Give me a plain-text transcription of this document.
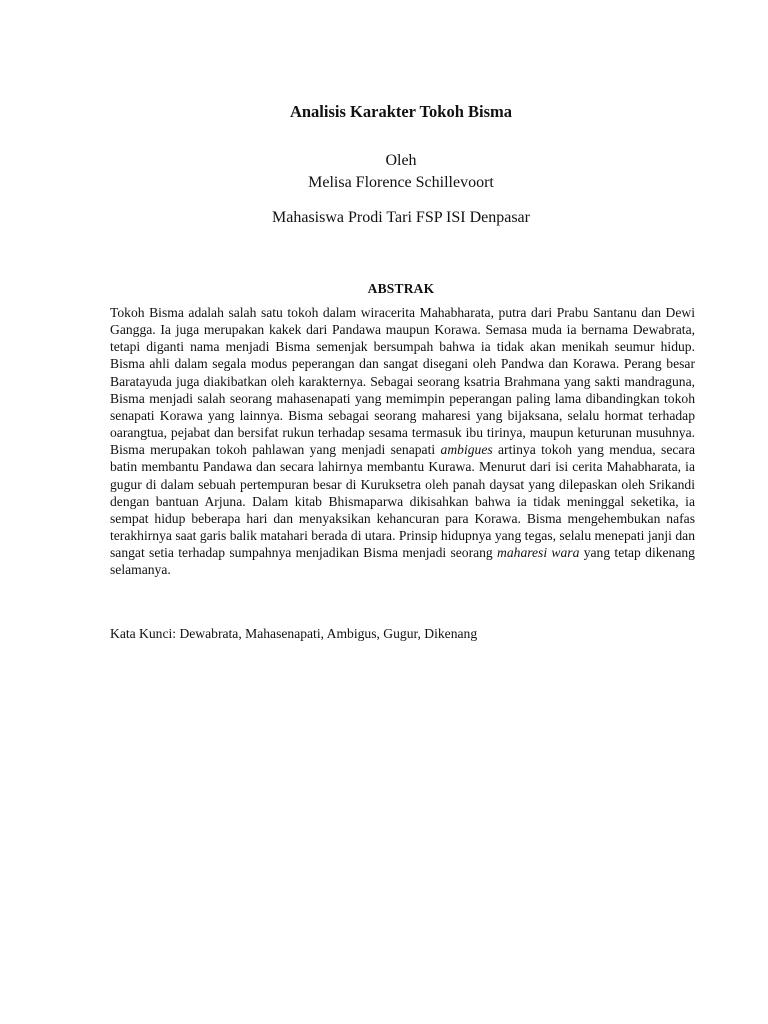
Analisis Karakter Tokoh Bisma
Oleh
Melisa Florence Schillevoort
Mahasiswa Prodi Tari FSP ISI Denpasar
ABSTRAK

Tokoh Bisma adalah salah satu tokoh dalam wiracerita Mahabharata, putra dari Prabu Santanu dan Dewi Gangga. Ia juga merupakan kakek dari Pandawa maupun Korawa. Semasa muda ia bernama Dewabrata, tetapi diganti nama menjadi Bisma semenjak bersumpah bahwa ia tidak akan menikah seumur hidup. Bisma ahli dalam segala modus peperangan dan sangat disegani oleh Pandwa dan Korawa. Perang besar Baratayuda juga diakibatkan oleh karakternya. Sebagai seorang ksatria Brahmana yang sakti mandraguna, Bisma menjadi salah seorang mahasenapati yang memimpin peperangan paling lama dibandingkan tokoh senapati Korawa yang lainnya. Bisma sebagai seorang maharesi yang bijaksana, selalu hormat terhadap oarangtua, pejabat dan bersifat rukun terhadap sesama termasuk ibu tirinya, maupun keturunan musuhnya. Bisma merupakan tokoh pahlawan yang menjadi senapati ambigues artinya tokoh yang mendua, secara batin membantu Pandawa dan secara lahirnya membantu Kurawa. Menurut dari isi cerita Mahabharata, ia gugur di dalam sebuah pertempuran besar di Kuruksetra oleh panah daysat yang dilepaskan oleh Srikandi dengan bantuan Arjuna. Dalam kitab Bhismaparwa dikisahkan bahwa ia tidak meninggal seketika, ia sempat hidup beberapa hari dan menyaksikan kehancuran para Korawa. Bisma mengehembukan nafas terakhirnya saat garis balik matahari berada di utara. Prinsip hidupnya yang tegas, selalu menepati janji dan sangat setia terhadap sumpahnya menjadikan Bisma menjadi seorang maharesi wara yang tetap dikenang selamanya.

Kata Kunci: Dewabrata, Mahasenapati, Ambigus, Gugur, Dikenang
